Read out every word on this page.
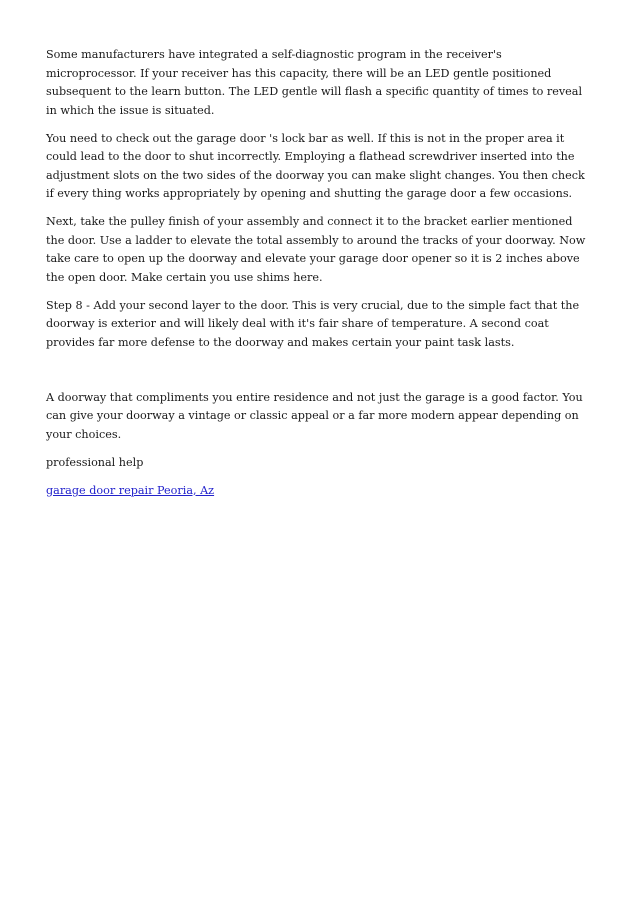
Some manufacturers have integrated a self-diagnostic program in the receiver's microprocessor. If your receiver has this capacity, there will be an LED gentle positioned subsequent to the learn button. The LED gentle will flash a specific quantity of times to reveal in which the issue is situated.

You need to check out the garage door 's lock bar as well. If this is not in the proper area it could lead to the door to shut incorrectly. Employing a flathead screwdriver inserted into the adjustment slots on the two sides of the doorway you can make slight changes. You then check if every thing works appropriately by opening and shutting the garage door a few occasions.

Next, take the pulley finish of your assembly and connect it to the bracket earlier mentioned the door. Use a ladder to elevate the total assembly to around the tracks of your doorway. Now take care to open up the doorway and elevate your garage door opener so it is 2 inches above the open door. Make certain you use shims here.

Step 8 - Add your second layer to the door. This is very crucial, due to the simple fact that the doorway is exterior and will likely deal with it's fair share of temperature. A second coat provides far more defense to the doorway and makes certain your paint task lasts.

A doorway that compliments you entire residence and not just the garage is a good factor. You can give your doorway a vintage or classic appeal or a far more modern appear depending on your choices.

professional help

garage door repair Peoria, Az
